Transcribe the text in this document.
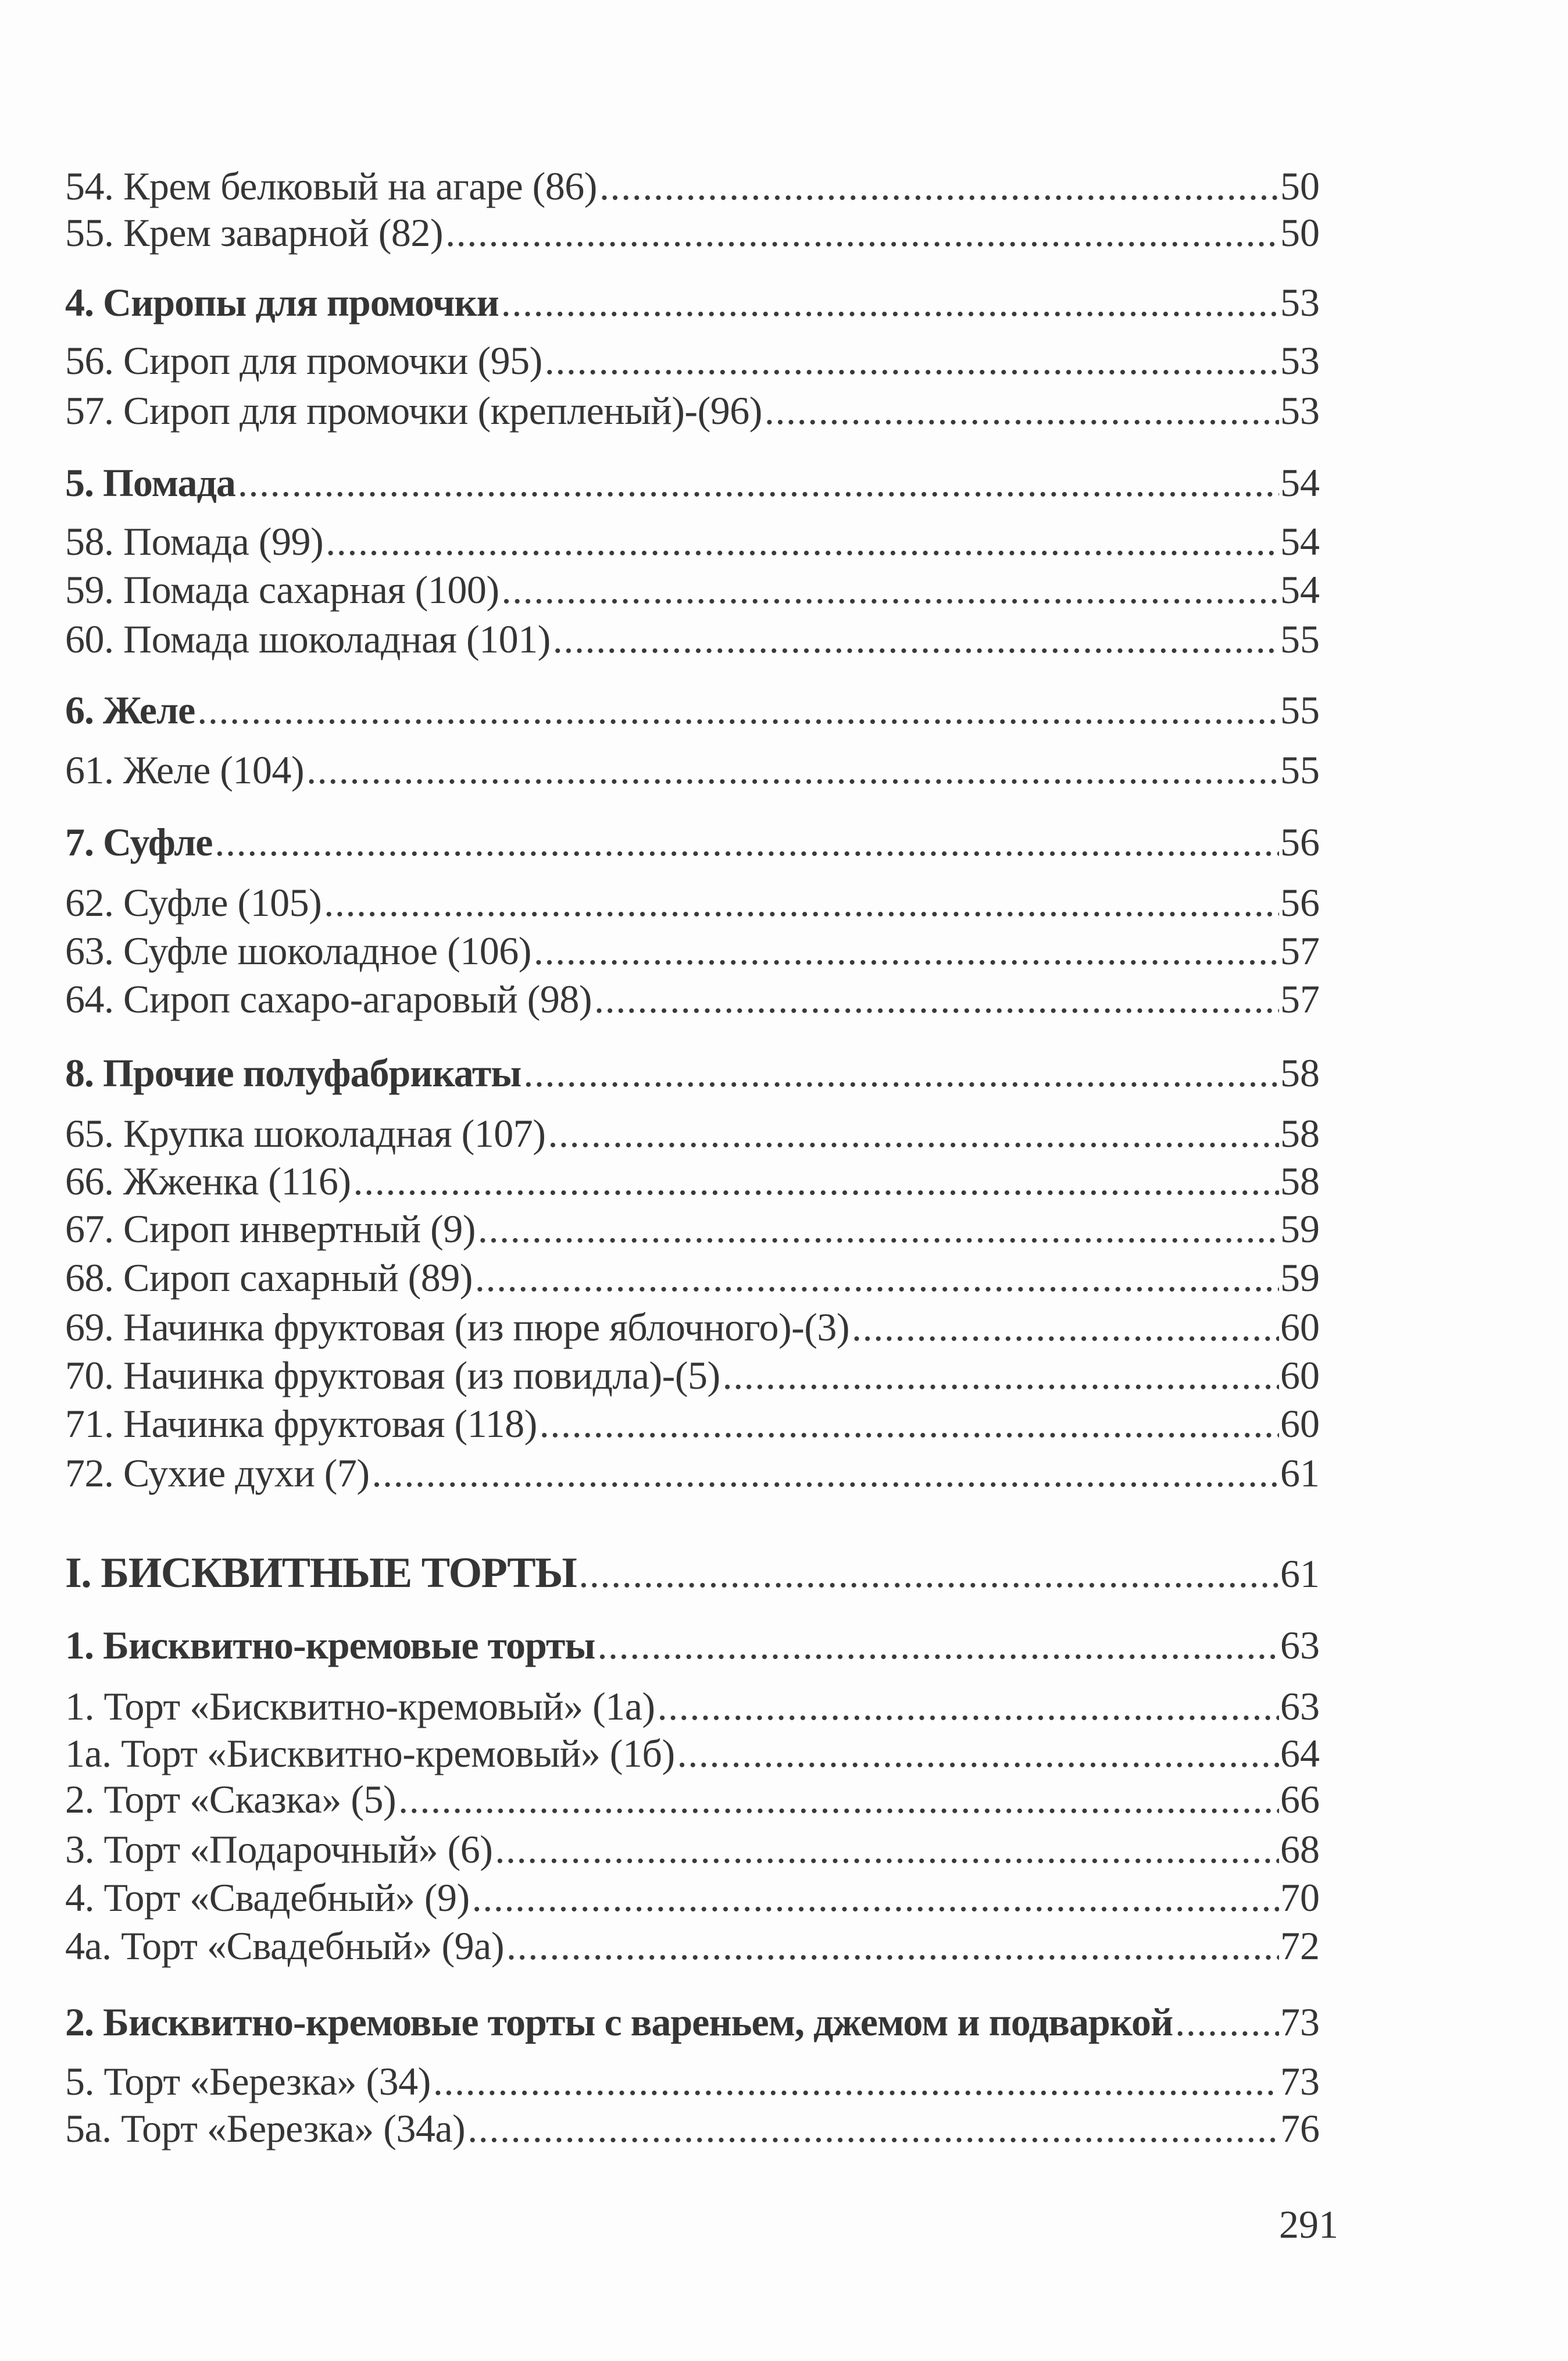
54. Крем белковый на агаре (86) .....	50
55. Крем заварной (82) .....	50
4. Сиропы для промочки .....	53
56. Сироп для промочки (95) .....	53
57. Сироп для промочки (крепленый)-(96) .....	53
5. Помада .....	54
58. Помада (99) .....	54
59. Помада сахарная (100) .....	54
60. Помада шоколадная (101) .....	55
6. Желе .....	55
61. Желе (104) .....	55
7. Суфле .....	56
62. Суфле (105) .....	56
63. Суфле шоколадное (106) .....	57
64. Сироп сахаро-агаровый (98) .....	57
8. Прочие полуфабрикаты .....	58
65. Крупка шоколадная (107) .....	58
66. Жженка (116) .....	58
67. Сироп инвертный (9) .....	59
68. Сироп сахарный (89) .....	59
69. Начинка фруктовая (из пюре яблочного)-(3) .....	60
70. Начинка фруктовая (из повидла)-(5) .....	60
71. Начинка фруктовая (118) .....	60
72. Сухие духи (7) .....	61
I. БИСКВИТНЫЕ ТОРТЫ .....	61
1. Бисквитно-кремовые торты .....	63
1. Торт «Бисквитно-кремовый» (1а) .....	63
1а. Торт «Бисквитно-кремовый» (1б) .....	64
2. Торт «Сказка» (5) .....	66
3. Торт «Подарочный» (6) .....	68
4. Торт «Свадебный» (9) .....	70
4а. Торт «Свадебный» (9а) .....	72
2. Бисквитно-кремовые торты с вареньем, джемом и подваркой .....	73
5. Торт «Березка» (34) .....	73
5а. Торт «Березка» (34а) .....	76
291
